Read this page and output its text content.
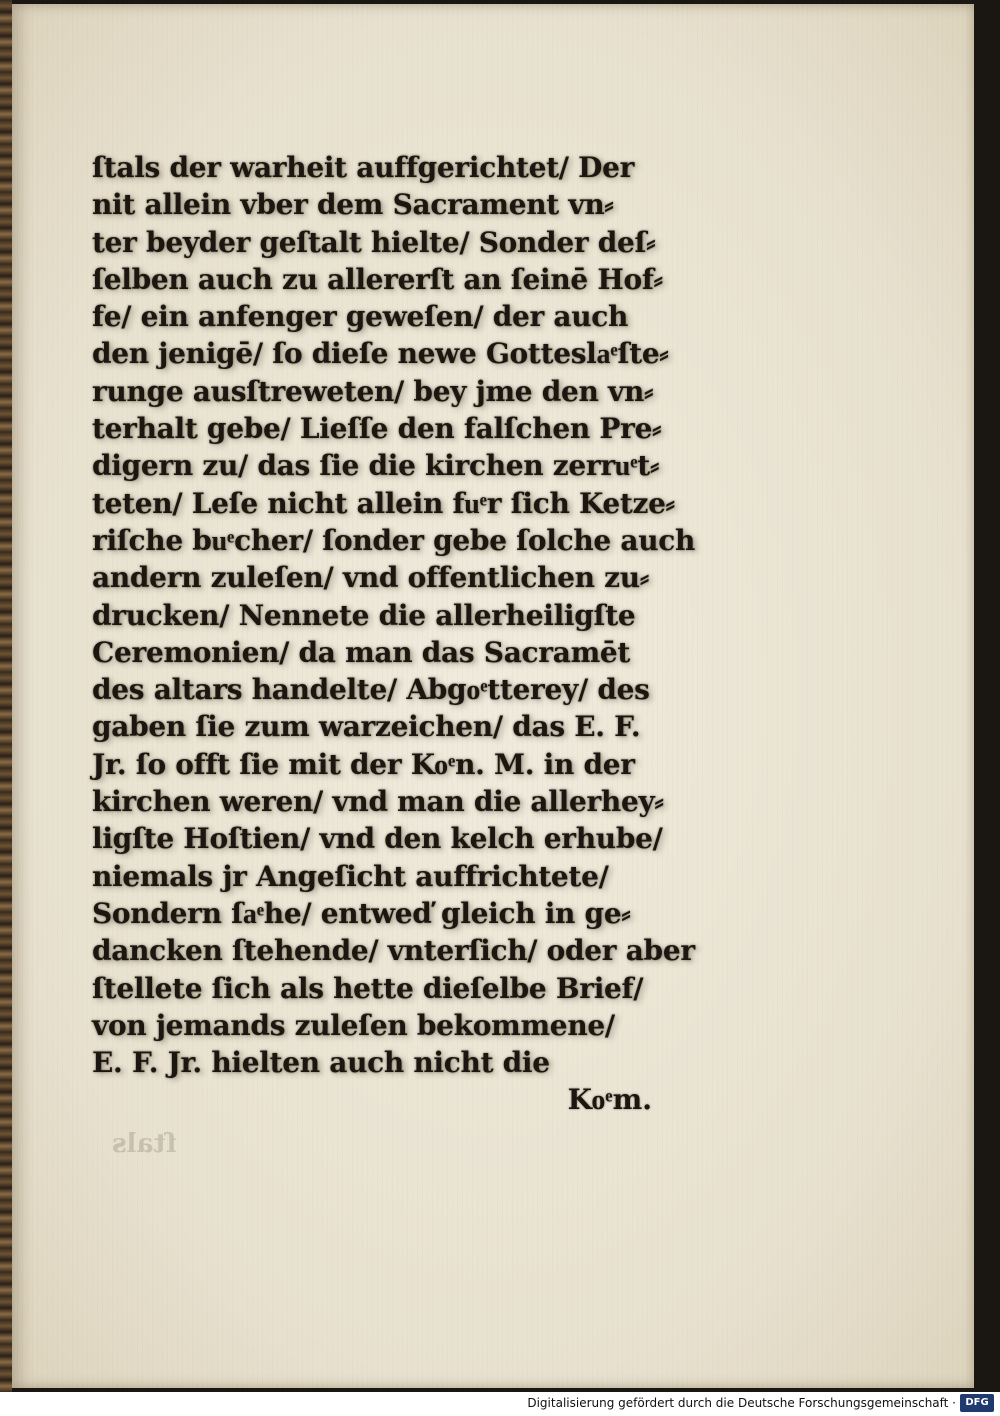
ſtals
ſtals der warheit auffgerichtet/ Der
nit allein vber dem Sacrament vn⸗
ter beyder geſtalt hielte/ Sonder deſ⸗
ſelben auch zu allererſt an ſeinē Hof⸗
fe/ ein anfenger geweſen/ der auch
den jenigē/ ſo dieſe newe Gotteslaͤſte⸗
runge ausſtreweten/ bey jme den vn⸗
terhalt gebe/ Lieſſe den falſchen Pre⸗
digern zu/ das ſie die kirchen zerruͤt⸗
teten/ Leſe nicht allein fuͤr ſich Ketze⸗
riſche buͤcher/ ſonder gebe ſolche auch
andern zuleſen/ vnd offentlichen zu⸗
drucken/ Nennete die allerheiligſte
Ceremonien/ da man das Sacramēt
des altars handelte/ Abgoͤtterey/ des
gaben ſie zum warzeichen/ das E. F.
Jr. ſo offt ſie mit der Koͤn. M. in der
kirchen weren/ vnd man die allerhey⸗
ligſte Hoſtien/ vnd den kelch erhube/
niemals jr Angeſicht auffrichtete/
Sondern ſaͤhe/ entweď gleich in ge⸗
dancken ſtehende/ vnterſich/ oder aber
ſtellete ſich als hette dieſelbe Brief/
von jemands zuleſen bekommene/
E. F. Jr. hielten auch nicht die
Koͤm.
Digitalisierung gefördert durch die Deutsche Forschungsgemeinschaft · DFG
